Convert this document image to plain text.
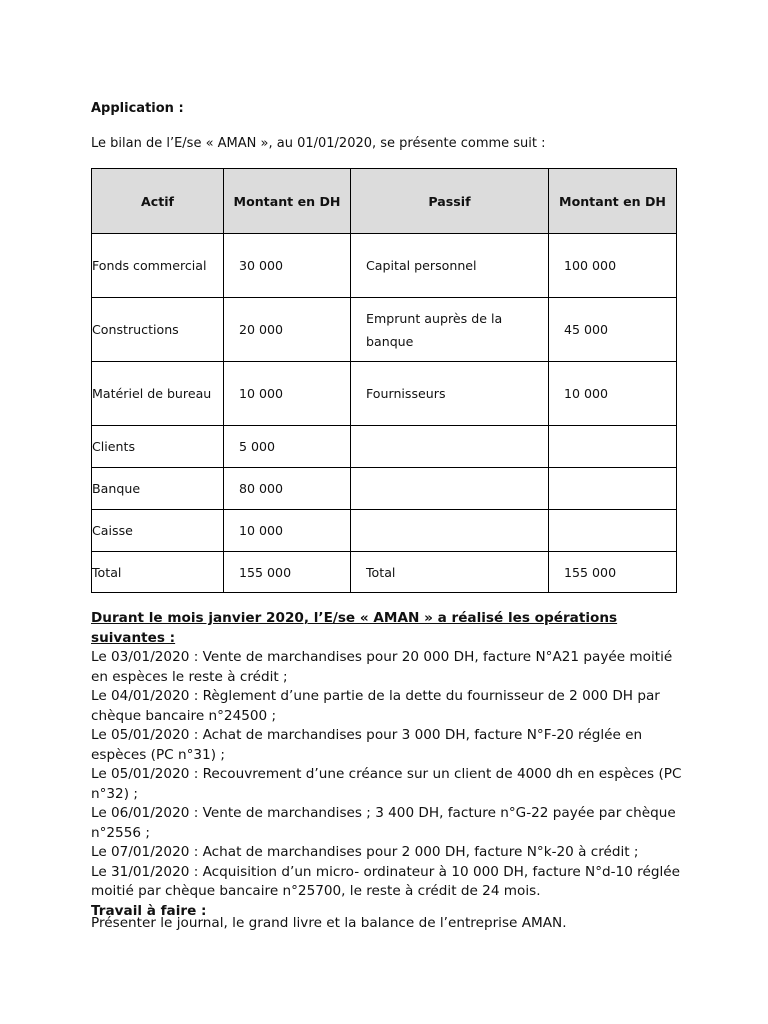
Application :
Le bilan de l’E/se « AMAN », au 01/01/2020, se présente comme suit :
Actif	Montant en DH	Passif	Montant en DH
Fonds commercial	30 000	Capital personnel	100 000
Constructions	20 000	Emprunt auprès de la banque	45 000
Matériel de bureau	10 000	Fournisseurs	10 000
Clients	5 000		
Banque	80 000		
Caisse	10 000		
Total	155 000	Total	155 000
Durant le mois janvier 2020, l’E/se « AMAN » a réalisé les opérations suivantes :
Le 03/01/2020 : Vente de marchandises pour 20 000 DH, facture N°A21 payée moitié en espèces le reste à crédit ;
Le 04/01/2020 : Règlement d’une partie de la dette du fournisseur de 2 000 DH par chèque bancaire n°24500 ;
Le 05/01/2020 : Achat de marchandises pour 3 000 DH, facture N°F-20 réglée en espèces (PC n°31) ;
Le 05/01/2020 : Recouvrement d’une créance sur un client de 4000 dh en espèces (PC n°32) ;
Le 06/01/2020 : Vente de marchandises ; 3 400 DH, facture n°G-22 payée par chèque n°2556 ;
Le 07/01/2020 : Achat de marchandises pour 2 000 DH, facture N°k-20 à crédit ;
Le 31/01/2020 : Acquisition d’un micro- ordinateur à 10 000 DH, facture N°d-10 réglée moitié par chèque bancaire n°25700, le reste à crédit de 24 mois.
Travail à faire :
Présenter le journal, le grand livre et la balance de l’entreprise AMAN.
